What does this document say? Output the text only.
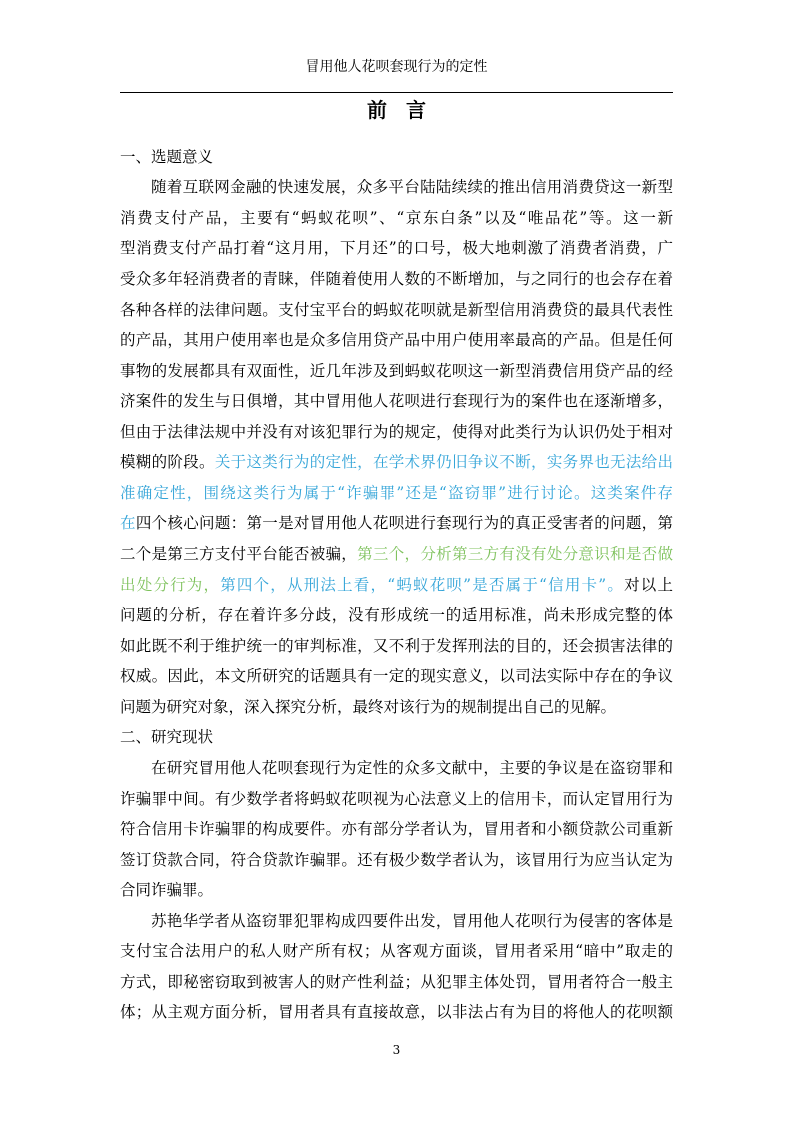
冒用他人花呗套现行为的定性
前 言
一、选题意义
随着互联网金融的快速发展，众多平台陆陆续续的推出信用消费贷这一新型
消费支付产品，主要有“蚂蚁花呗”、“京东白条”以及“唯品花”等。这一新
型消费支付产品打着“这月用，下月还”的口号，极大地刺激了消费者消费，广
受众多年轻消费者的青睐，伴随着使用人数的不断增加，与之同行的也会存在着
各种各样的法律问题。支付宝平台的蚂蚁花呗就是新型信用消费贷的最具代表性
的产品，其用户使用率也是众多信用贷产品中用户使用率最高的产品。但是任何
事物的发展都具有双面性，近几年涉及到蚂蚁花呗这一新型消费信用贷产品的经
济案件的发生与日俱增，其中冒用他人花呗进行套现行为的案件也在逐渐增多，
但由于法律法规中并没有对该犯罪行为的规定，使得对此类行为认识仍处于相对
模糊的阶段。关于这类行为的定性，在学术界仍旧争议不断，实务界也无法给出
准确定性，围绕这类行为属于“诈骗罪”还是“盗窃罪”进行讨论。这类案件存
在四个核心问题：第一是对冒用他人花呗进行套现行为的真正受害者的问题，第
二个是第三方支付平台能否被骗，第三个，分析第三方有没有处分意识和是否做
出处分行为，第四个，从刑法上看，“蚂蚁花呗”是否属于“信用卡”。对以上
问题的分析，存在着许多分歧，没有形成统一的适用标准，尚未形成完整的体
如此既不利于维护统一的审判标准，又不利于发挥刑法的目的，还会损害法律的
权威。因此，本文所研究的话题具有一定的现实意义，以司法实际中存在的争议
问题为研究对象，深入探究分析，最终对该行为的规制提出自己的见解。
二、研究现状
在研究冒用他人花呗套现行为定性的众多文献中，主要的争议是在盗窃罪和
诈骗罪中间。有少数学者将蚂蚁花呗视为心法意义上的信用卡，而认定冒用行为
符合信用卡诈骗罪的构成要件。亦有部分学者认为，冒用者和小额贷款公司重新
签订贷款合同，符合贷款诈骗罪。还有极少数学者认为，该冒用行为应当认定为
合同诈骗罪。
苏艳华学者从盗窃罪犯罪构成四要件出发，冒用他人花呗行为侵害的客体是
支付宝合法用户的私人财产所有权；从客观方面谈，冒用者采用“暗中”取走的
方式，即秘密窃取到被害人的财产性利益；从犯罪主体处罚，冒用者符合一般主
体；从主观方面分析，冒用者具有直接故意，以非法占有为目的将他人的花呗额
3
